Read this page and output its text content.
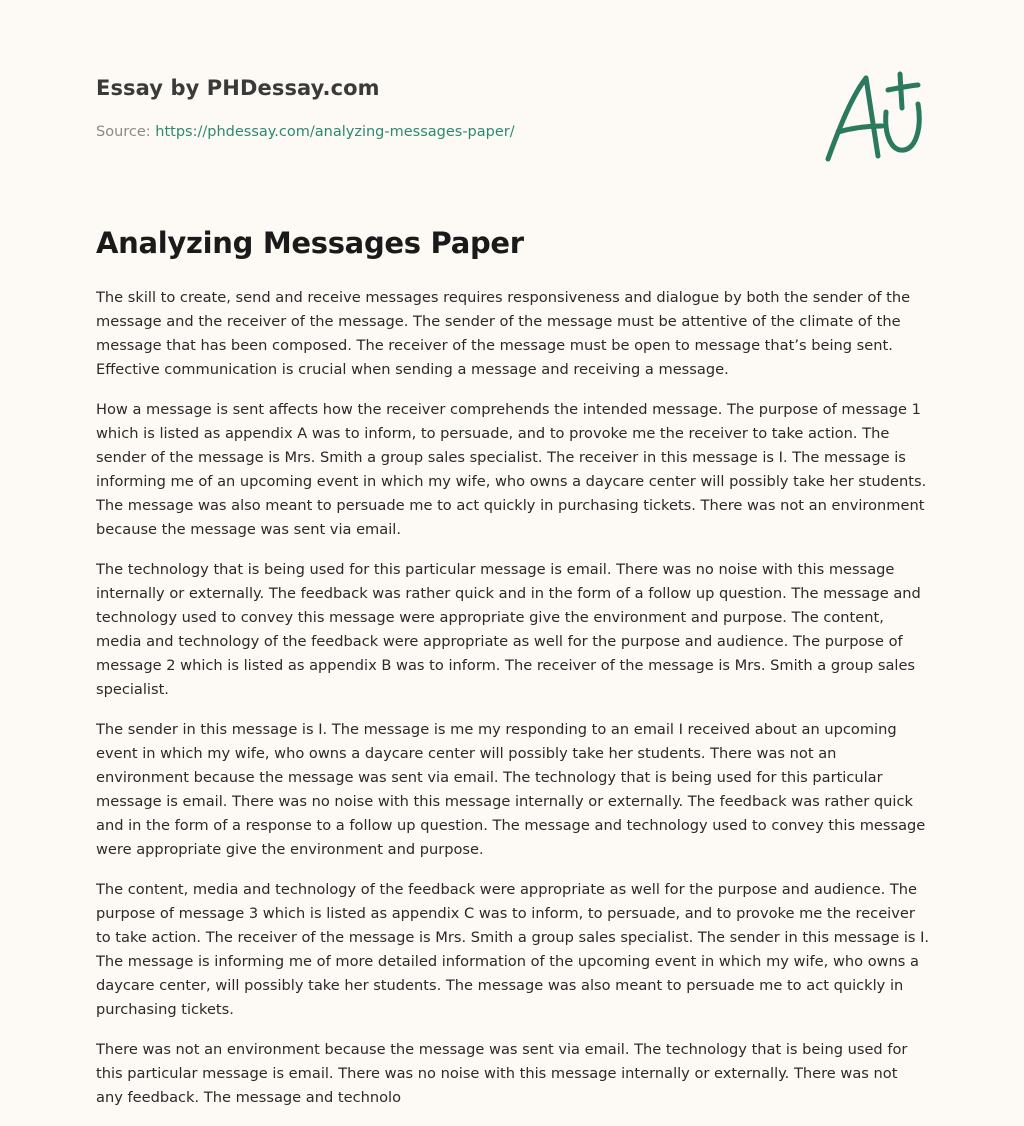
Essay by PHDessay.com

Source: https://phdessay.com/analyzing-messages-paper/

Analyzing Messages Paper

The skill to create, send and receive messages requires responsiveness and dialogue by both the sender of the
message and the receiver of the message. The sender of the message must be attentive of the climate of the
message that has been composed. The receiver of the message must be open to message that’s being sent.
Effective communication is crucial when sending a message and receiving a message.

How a message is sent affects how the receiver comprehends the intended message. The purpose of message 1
which is listed as appendix A was to inform, to persuade, and to provoke me the receiver to take action. The
sender of the message is Mrs. Smith a group sales specialist. The receiver in this message is I. The message is
informing me of an upcoming event in which my wife, who owns a daycare center will possibly take her students.
The message was also meant to persuade me to act quickly in purchasing tickets. There was not an environment
because the message was sent via email.

The technology that is being used for this particular message is email. There was no noise with this message
internally or externally. The feedback was rather quick and in the form of a follow up question. The message and
technology used to convey this message were appropriate give the environment and purpose. The content,
media and technology of the feedback were appropriate as well for the purpose and audience. The purpose of
message 2 which is listed as appendix B was to inform. The receiver of the message is Mrs. Smith a group sales
specialist.

The sender in this message is I. The message is me my responding to an email I received about an upcoming
event in which my wife, who owns a daycare center will possibly take her students. There was not an
environment because the message was sent via email. The technology that is being used for this particular
message is email. There was no noise with this message internally or externally. The feedback was rather quick
and in the form of a response to a follow up question. The message and technology used to convey this message
were appropriate give the environment and purpose.

The content, media and technology of the feedback were appropriate as well for the purpose and audience. The
purpose of message 3 which is listed as appendix C was to inform, to persuade, and to provoke me the receiver
to take action. The receiver of the message is Mrs. Smith a group sales specialist. The sender in this message is I.
The message is informing me of more detailed information of the upcoming event in which my wife, who owns a
daycare center, will possibly take her students. The message was also meant to persuade me to act quickly in
purchasing tickets.

There was not an environment because the message was sent via email. The technology that is being used for
this particular message is email. There was no noise with this message internally or externally. There was not
any feedback. The message and technolo
